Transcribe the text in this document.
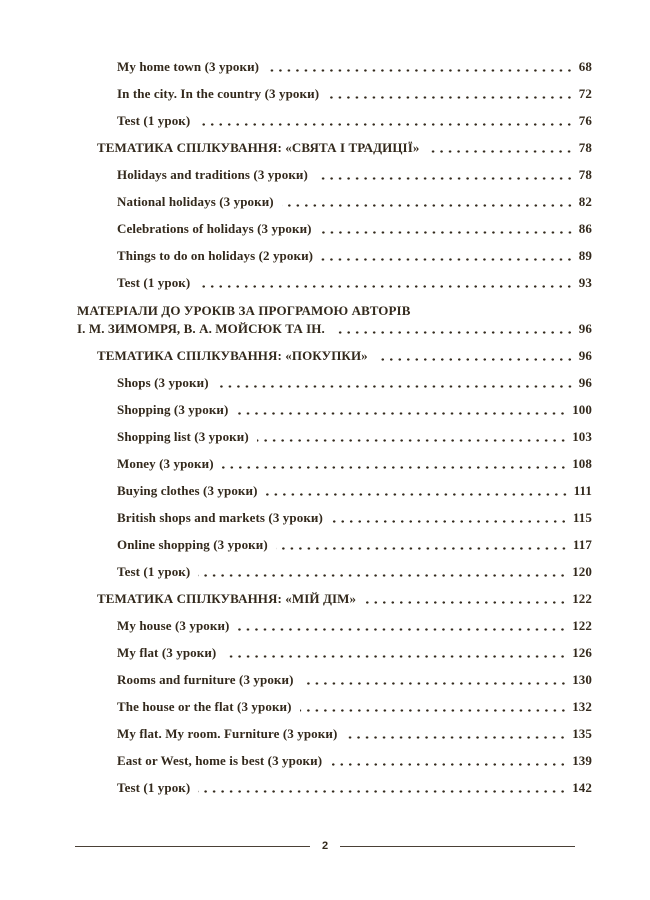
My home town (3 уроки)	68
In the city. In the country (3 уроки)	72
Test (1 урок)	76
ТЕМАТИКА СПІЛКУВАННЯ: «СВЯТА І ТРАДИЦІЇ»	78
Holidays and traditions (3 уроки)	78
National holidays (3 уроки)	82
Celebrations of holidays (3 уроки)	86
Things to do on holidays (2 уроки)	89
Test (1 урок)	93
МАТЕРІАЛИ ДО УРОКІВ ЗА ПРОГРАМОЮ АВТОРІВ
І. М. ЗИМОМРЯ, В. А. МОЙСЮК ТА ІН.	96
ТЕМАТИКА СПІЛКУВАННЯ: «ПОКУПКИ»	96
Shops (3 уроки)	96
Shopping (3 уроки)	100
Shopping list (3 уроки)	103
Money (3 уроки)	108
Buying clothes (3 уроки)	111
British shops and markets (3 уроки)	115
Online shopping (3 уроки)	117
Test (1 урок)	120
ТЕМАТИКА СПІЛКУВАННЯ: «МІЙ ДІМ»	122
My house (3 уроки)	122
My flat (3 уроки)	126
Rooms and furniture (3 уроки)	130
The house or the flat (3 уроки)	132
My flat. My room. Furniture (3 уроки)	135
East or West, home is best (3 уроки)	139
Test (1 урок)	142
2
